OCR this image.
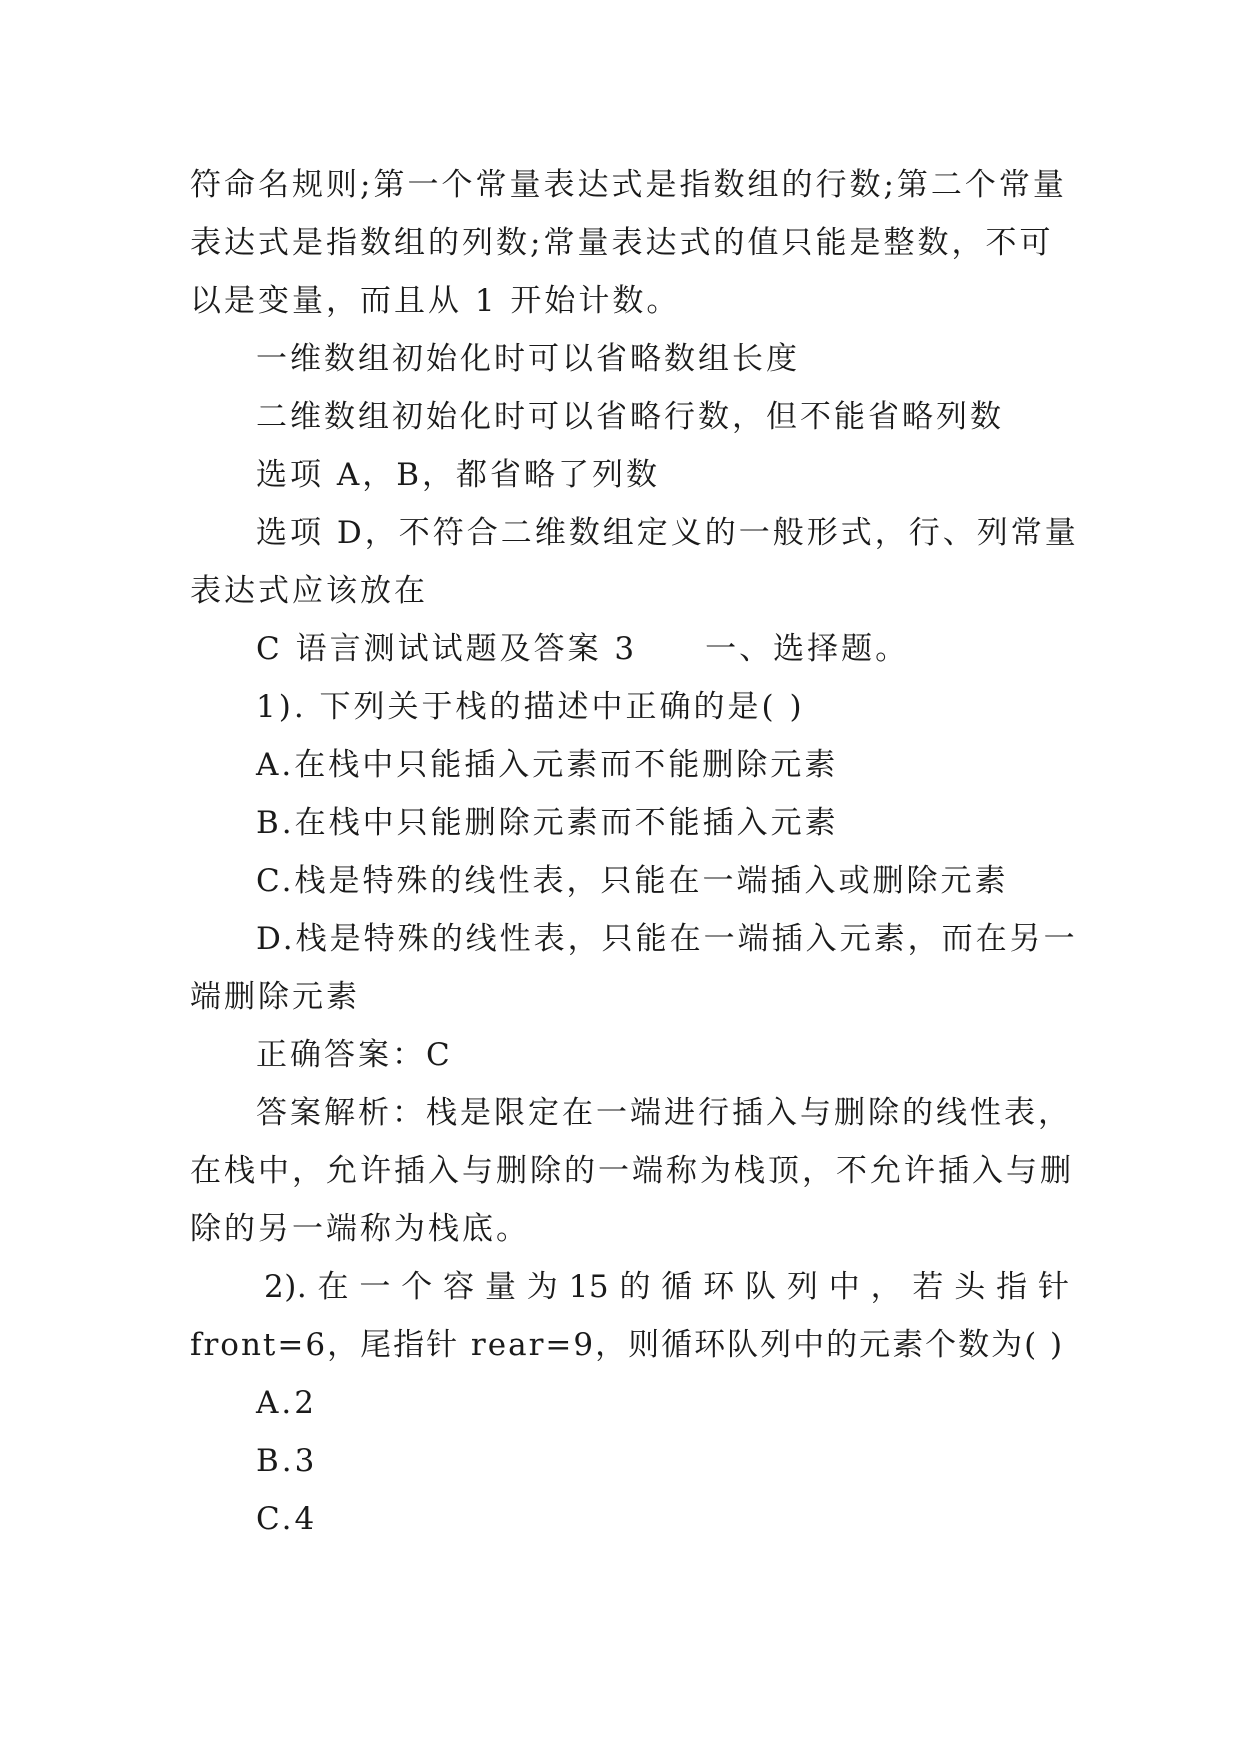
符命名规则;第一个常量表达式是指数组的行数;第二个常量
表达式是指数组的列数;常量表达式的值只能是整数，不可
以是变量，而且从 1 开始计数。
一维数组初始化时可以省略数组长度
二维数组初始化时可以省略行数，但不能省略列数
选项 A，B，都省略了列数
选项 D，不符合二维数组定义的一般形式，行、列常量
表达式应该放在
C 语言测试试题及答案 3　　一、选择题。
1). 下列关于栈的描述中正确的是( )
A.在栈中只能插入元素而不能删除元素
B.在栈中只能删除元素而不能插入元素
C.栈是特殊的线性表，只能在一端插入或删除元素
D.栈是特殊的线性表，只能在一端插入元素，而在另一
端删除元素
正确答案：C
答案解析：栈是限定在一端进行插入与删除的线性表，
在栈中，允许插入与删除的一端称为栈顶，不允许插入与删
除的另一端称为栈底。
2). 在 一 个 容 量 为 15 的 循 环 队 列 中 ， 若 头 指 针
front=6，尾指针 rear=9，则循环队列中的元素个数为( )
A.2
B.3
C.4
